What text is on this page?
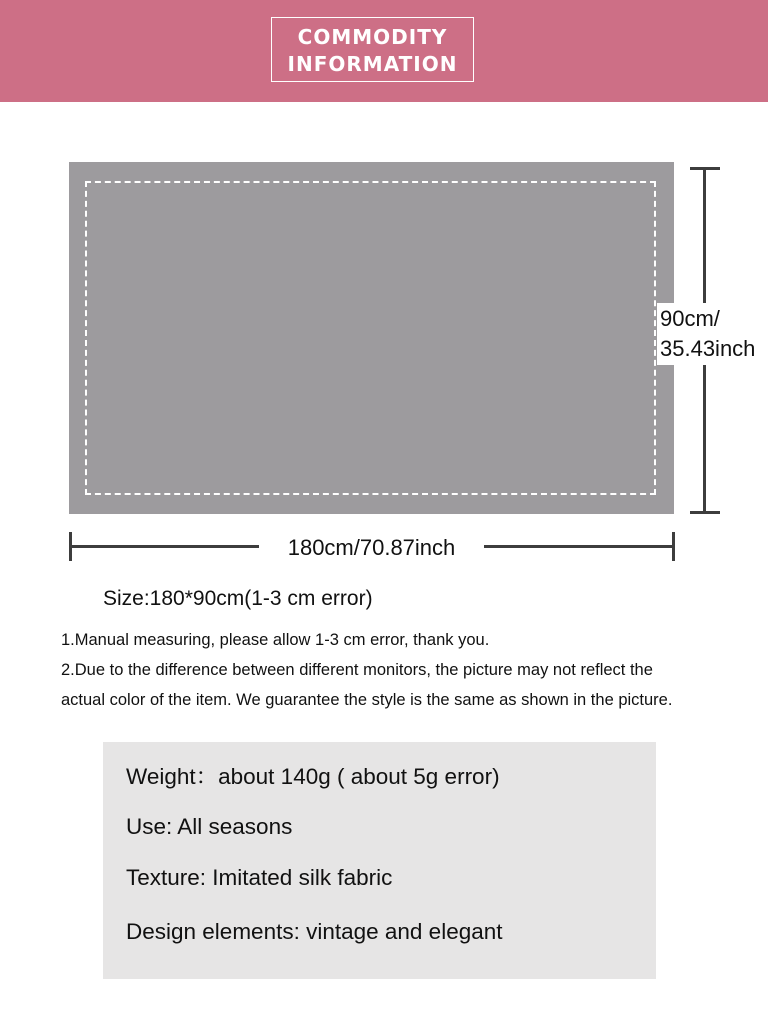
COMMODITY
INFORMATION
90cm/
35.43inch
180cm/70.87inch
Size:180*90cm(1-3 cm error)
1.Manual measuring, please allow 1-3 cm error, thank you.
2.Due to the difference between different monitors, the picture may not reflect the
actual color of the item. We guarantee the style is the same as shown in the picture.
Weight：about 140g ( about 5g error)
Use: All seasons
Texture: Imitated silk fabric
Design elements: vintage and elegant
